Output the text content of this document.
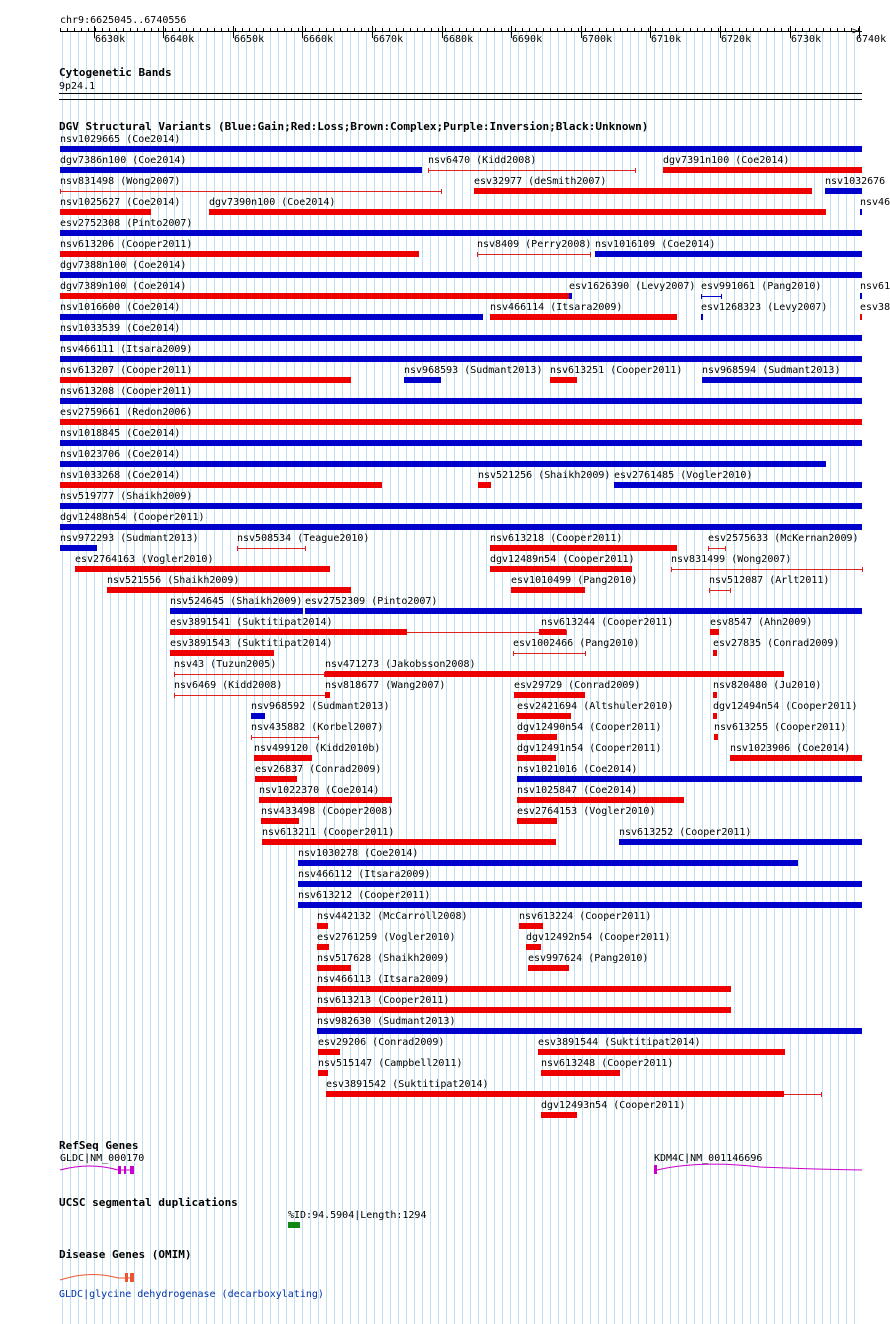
chr9:6625045..6740556
6630k	6640k	6650k	6660k	6670k	6680k	6690k	6700k	6710k	6720k	6730k	6740k
>
Cytogenetic Bands
9p24.1
DGV Structural Variants (Blue:Gain;Red:Loss;Brown:Complex;Purple:Inversion;Black:Unknown)
nsv1029665 (Coe2014)
dgv7386n100 (Coe2014)	nsv6470 (Kidd2008)	dgv7391n100 (Coe2014)
nsv831498 (Wong2007)	esv32977 (deSmith2007)	nsv1032676
nsv1025627 (Coe2014)	dgv7390n100 (Coe2014)	nsv46
esv2752308 (Pinto2007)
nsv613206 (Cooper2011)	nsv8409 (Perry2008) nsv1016109 (Coe2014)
dgv7388n100 (Coe2014)
dgv7389n100 (Coe2014)	esv1626390 (Levy2007) esv991061 (Pang2010)	nsv61
nsv1016600 (Coe2014)	nsv466114 (Itsara2009)	esv1268323 (Levy2007)	esv38
nsv1033539 (Coe2014)
nsv466111 (Itsara2009)
nsv613207 (Cooper2011)	nsv968593 (Sudmant2013) nsv613251 (Cooper2011) nsv968594 (Sudmant2013)
nsv613208 (Cooper2011)
esv2759661 (Redon2006)
nsv1018845 (Coe2014)
nsv1023706 (Coe2014)
nsv1033268 (Coe2014)	nsv521256 (Shaikh2009) esv2761485 (Vogler2010)
nsv519777 (Shaikh2009)
dgv12488n54 (Cooper2011)
nsv972293 (Sudmant2013)	nsv508534 (Teague2010)	nsv613218 (Cooper2011)	esv2575633 (McKernan2009)
esv2764163 (Vogler2010)	dgv12489n54 (Cooper2011)	nsv831499 (Wong2007)
nsv521556 (Shaikh2009)	esv1010499 (Pang2010)	nsv512087 (Arlt2011)
nsv524645 (Shaikh2009) esv2752309 (Pinto2007)
esv3891541 (Suktitipat2014)	nsv613244 (Cooper2011)	esv8547 (Ahn2009)
esv3891543 (Suktitipat2014)	esv1002466 (Pang2010)	esv27835 (Conrad2009)
nsv43 (Tuzun2005)	nsv471273 (Jakobsson2008)
nsv6469 (Kidd2008)	nsv818677 (Wang2007)	esv29729 (Conrad2009)	nsv820480 (Ju2010)
nsv968592 (Sudmant2013)	esv2421694 (Altshuler2010)	dgv12494n54 (Cooper2011)
nsv435882 (Korbel2007)	dgv12490n54 (Cooper2011)	nsv613255 (Cooper2011)
nsv499120 (Kidd2010b)	dgv12491n54 (Cooper2011)	nsv1023906 (Coe2014)
esv26837 (Conrad2009)	nsv1021016 (Coe2014)
nsv1022370 (Coe2014)	nsv1025847 (Coe2014)
nsv433498 (Cooper2008)	esv2764153 (Vogler2010)
nsv613211 (Cooper2011)	nsv613252 (Cooper2011)
nsv1030278 (Coe2014)
nsv466112 (Itsara2009)
nsv613212 (Cooper2011)
nsv442132 (McCarroll2008)	nsv613224 (Cooper2011)
esv2761259 (Vogler2010)	dgv12492n54 (Cooper2011)
nsv517628 (Shaikh2009)	esv997624 (Pang2010)
nsv466113 (Itsara2009)
nsv613213 (Cooper2011)
nsv982630 (Sudmant2013)
esv29206 (Conrad2009)	esv3891544 (Suktitipat2014)
nsv515147 (Campbell2011)	nsv613248 (Cooper2011)
esv3891542 (Suktitipat2014)
dgv12493n54 (Cooper2011)
RefSeq Genes
GLDC|NM_000170	KDM4C|NM_001146696
UCSC segmental duplications
%ID:94.5904|Length:1294
Disease Genes (OMIM)
GLDC|glycine dehydrogenase (decarboxylating)
